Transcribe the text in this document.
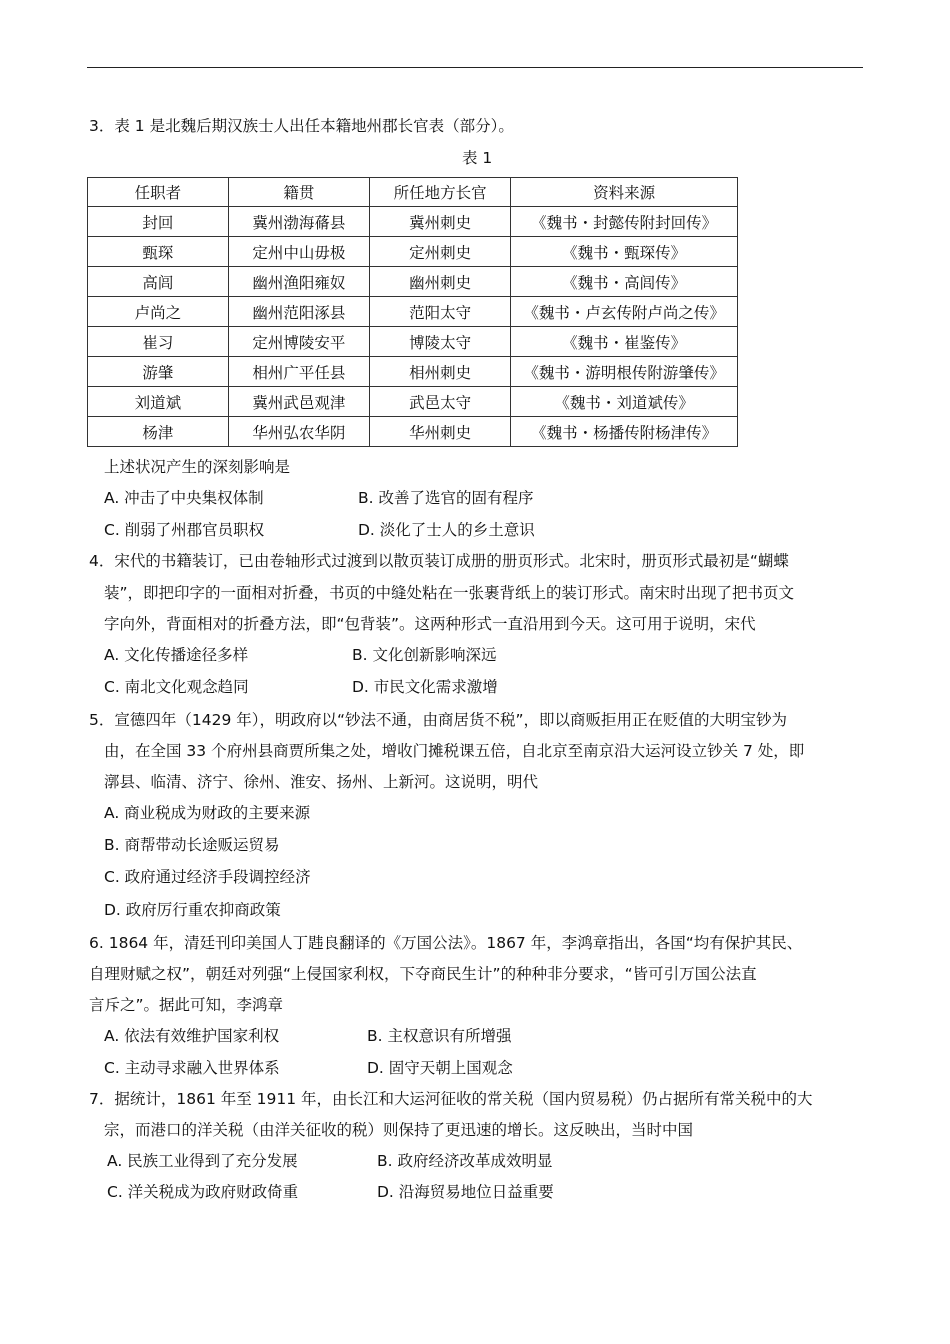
3．表 1 是北魏后期汉族士人出任本籍地州郡长官表（部分）。
表 1
任职者	籍贯	所任地方长官	资料来源
封回	冀州渤海蓨县	冀州刺史	《魏书・封懿传附封回传》
甄琛	定州中山毋极	定州刺史	《魏书・甄琛传》
高闾	幽州渔阳雍奴	幽州刺史	《魏书・高闾传》
卢尚之	幽州范阳涿县	范阳太守	《魏书・卢玄传附卢尚之传》
崔习	定州博陵安平	博陵太守	《魏书・崔鉴传》
游肇	相州广平任县	相州刺史	《魏书・游明根传附游肇传》
刘道斌	冀州武邑观津	武邑太守	《魏书・刘道斌传》
杨津	华州弘农华阴	华州刺史	《魏书・杨播传附杨津传》
上述状况产生的深刻影响是
A. 冲击了中央集权体制	B. 改善了选官的固有程序
C. 削弱了州郡官员职权	D. 淡化了士人的乡土意识
4．宋代的书籍装订，已由卷轴形式过渡到以散页装订成册的册页形式。北宋时，册页形式最初是“蝴蝶
装”，即把印字的一面相对折叠，书页的中缝处粘在一张裹背纸上的装订形式。南宋时出现了把书页文
字向外，背面相对的折叠方法，即“包背装”。这两种形式一直沿用到今天。这可用于说明，宋代
A. 文化传播途径多样	B. 文化创新影响深远
C. 南北文化观念趋同	D. 市民文化需求激增
5．宣德四年（1429 年），明政府以“钞法不通，由商居货不税”，即以商贩拒用正在贬值的大明宝钞为
由，在全国 33 个府州县商贾所集之处，增收门摊税课五倍，自北京至南京沿大运河设立钞关 7 处，即
漷县、临清、济宁、徐州、淮安、扬州、上新河。这说明，明代
A. 商业税成为财政的主要来源
B. 商帮带动长途贩运贸易
C. 政府通过经济手段调控经济
D. 政府厉行重农抑商政策
6. 1864 年，清廷刊印美国人丁韪良翻译的《万国公法》。1867 年，李鸿章指出，各国“均有保护其民、
自理财赋之权”，朝廷对列强“上侵国家利权，下夺商民生计”的种种非分要求，“皆可引万国公法直
言斥之”。据此可知，李鸿章
A. 依法有效维护国家利权	B. 主权意识有所增强
C. 主动寻求融入世界体系	D. 固守天朝上国观念
7．据统计，1861 年至 1911 年，由长江和大运河征收的常关税（国内贸易税）仍占据所有常关税中的大
宗，而港口的洋关税（由洋关征收的税）则保持了更迅速的增长。这反映出，当时中国
A. 民族工业得到了充分发展	B. 政府经济改革成效明显
C. 洋关税成为政府财政倚重	D. 沿海贸易地位日益重要
